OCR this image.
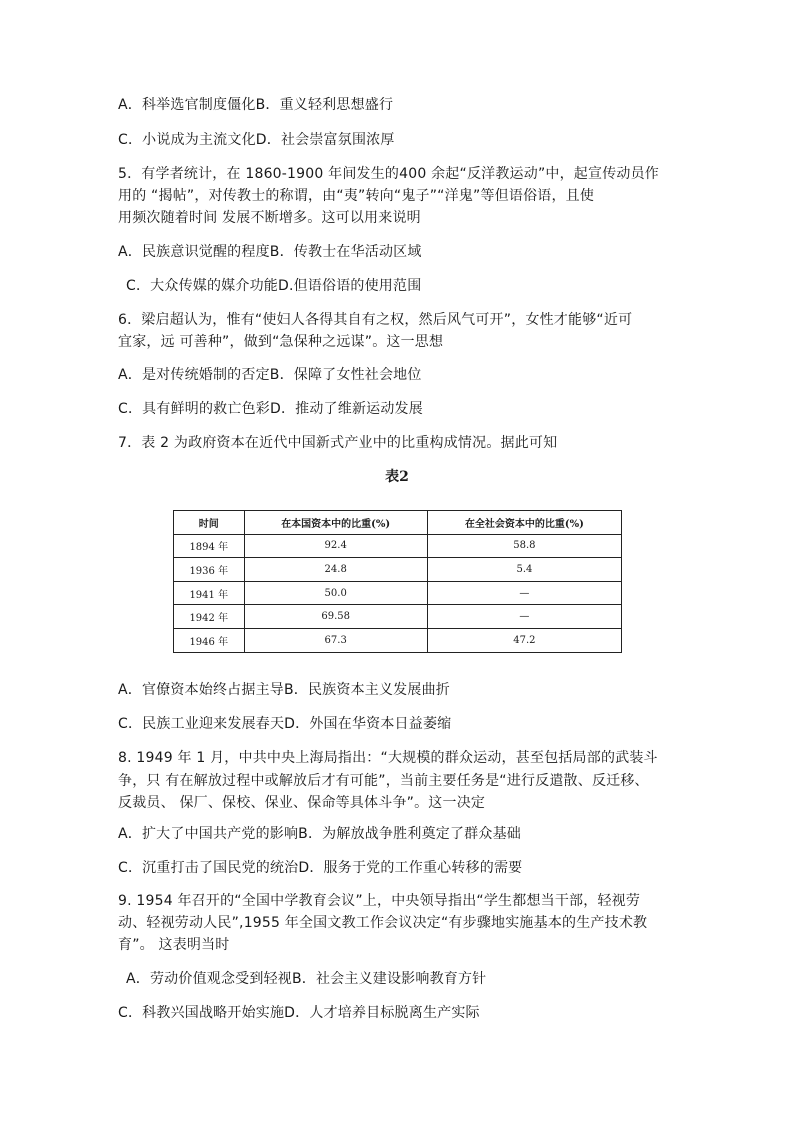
A．科举选官制度僵化B．重义轻利思想盛行
C．小说成为主流文化D．社会崇富氛围浓厚
5．有学者统计，在 1860-1900 年间发生的400 余起“反洋教运动”中，起宣传动员作
用的 “揭帖”，对传教士的称谓，由“夷”转向“鬼子”“洋鬼”等但语俗语，且使
用频次随着时间 发展不断增多。这可以用来说明
A．民族意识觉醒的程度B．传教士在华活动区域
C．大众传媒的媒介功能D.但语俗语的使用范围
6．梁启超认为，惟有“使妇人各得其自有之权，然后风气可开”，女性才能够“近可
宜家，远 可善种”，做到“急保种之远谋”。这一思想
A．是对传统婚制的否定B．保障了女性社会地位
C．具有鲜明的救亡色彩D．推动了维新运动发展
7．表 2 为政府资本在近代中国新式产业中的比重构成情况。据此可知
表2
时间	在本国资本中的比重(%)	在全社会资本中的比重(%)
1894 年	92.4	58.8
1936 年	24.8	5.4
1941 年	50.0	—
1942 年	69.58	—
1946 年	67.3	47.2
A．官僚资本始终占据主导B．民族资本主义发展曲折
C．民族工业迎来发展春天D．外国在华资本日益萎缩
8. 1949 年 1 月，中共中央上海局指出：“大规模的群众运动，甚至包括局部的武装斗
争，只 有在解放过程中或解放后才有可能”，当前主要任务是“进行反遣散、反迁移、
反裁员、 保厂、保校、保业、保命等具体斗争”。这一决定
A．扩大了中国共产党的影响B．为解放战争胜利奠定了群众基础
C．沉重打击了国民党的统治D．服务于党的工作重心转移的需要
9. 1954 年召开的“全国中学教育会议”上，中央领导指出“学生都想当干部，轻视劳
动、轻视劳动人民”,1955 年全国文教工作会议决定“有步骤地实施基本的生产技术教
育”。 这表明当时
A．劳动价值观念受到轻视B．社会主义建设影响教育方针
C．科教兴国战略开始实施D．人才培养目标脱离生产实际
